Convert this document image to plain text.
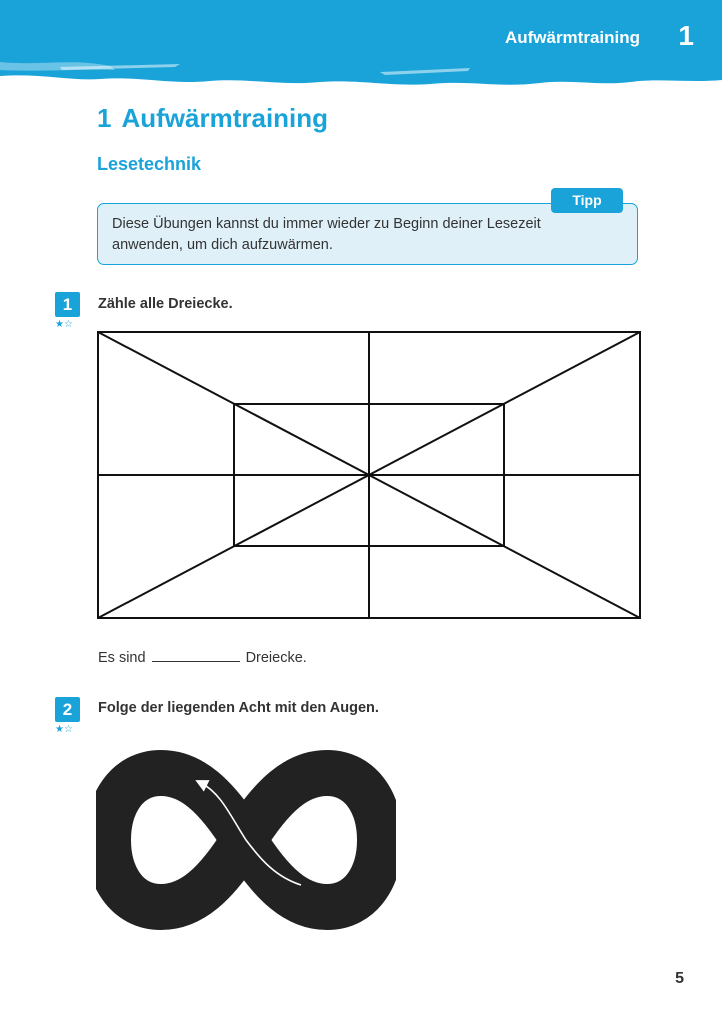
Aufwärmtraining 1
1 Aufwärmtraining
Lesetechnik
Diese Übungen kannst du immer wieder zu Beginn deiner Lesezeit anwenden, um dich aufzuwärmen.
Tipp
1
★☆
Zähle alle Dreiecke.
Es sind	Dreiecke.
2
★☆
Folge der liegenden Acht mit den Augen.
5
